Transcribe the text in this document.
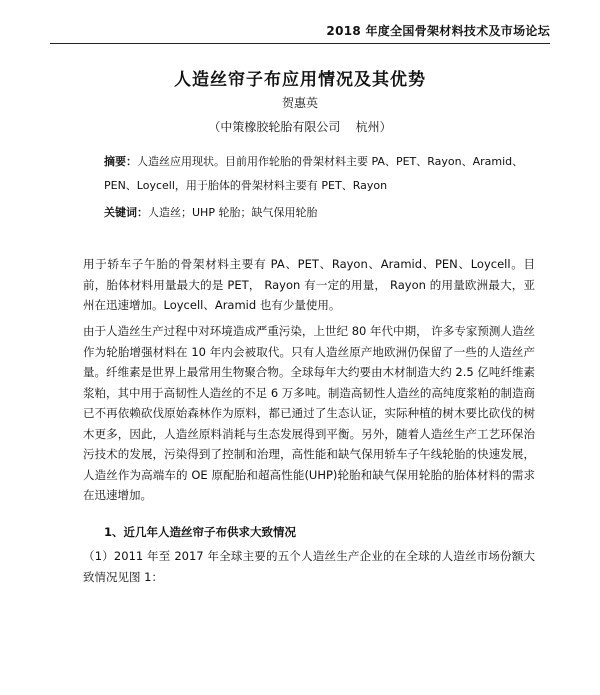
2018 年度全国骨架材料技术及市场论坛
人造丝帘子布应用情况及其优势
贺惠英
（中策橡胶轮胎有限公司    杭州）
摘要：人造丝应用现状。目前用作轮胎的骨架材料主要 PA、PET、Rayon、Aramid、PEN、Loycell，用于胎体的骨架材料主要有 PET、Rayon
关键词：人造丝；UHP 轮胎；缺气保用轮胎
用于轿车子午胎的骨架材料主要有 PA、PET、Rayon、Aramid、PEN、Loycell。目前，胎体材料用量最大的是 PET， Rayon 有一定的用量， Rayon 的用量欧洲最大，亚州在迅速增加。Loycell、Aramid 也有少量使用。
由于人造丝生产过程中对环境造成严重污染，上世纪 80 年代中期， 许多专家预测人造丝作为轮胎增强材料在 10 年内会被取代。只有人造丝原产地欧洲仍保留了一些的人造丝产量。纤维素是世界上最常用生物聚合物。全球每年大约要由木材制造大约 2.5 亿吨纤维素浆粕，其中用于高韧性人造丝的不足 6 万多吨。制造高韧性人造丝的高纯度浆粕的制造商已不再依赖砍伐原始森林作为原料，都已通过了生态认证，实际种植的树木要比砍伐的树木更多，因此，人造丝原料消耗与生态发展得到平衡。另外，随着人造丝生产工艺环保治污技术的发展，污染得到了控制和治理，高性能和缺气保用轿车子午线轮胎的快速发展，人造丝作为高端车的 OE 原配胎和超高性能(UHP)轮胎和缺气保用轮胎的胎体材料的需求在迅速增加。
1、近几年人造丝帘子布供求大致情况
（1）2011 年至 2017 年全球主要的五个人造丝生产企业的在全球的人造丝市场份额大致情况见图 1：
